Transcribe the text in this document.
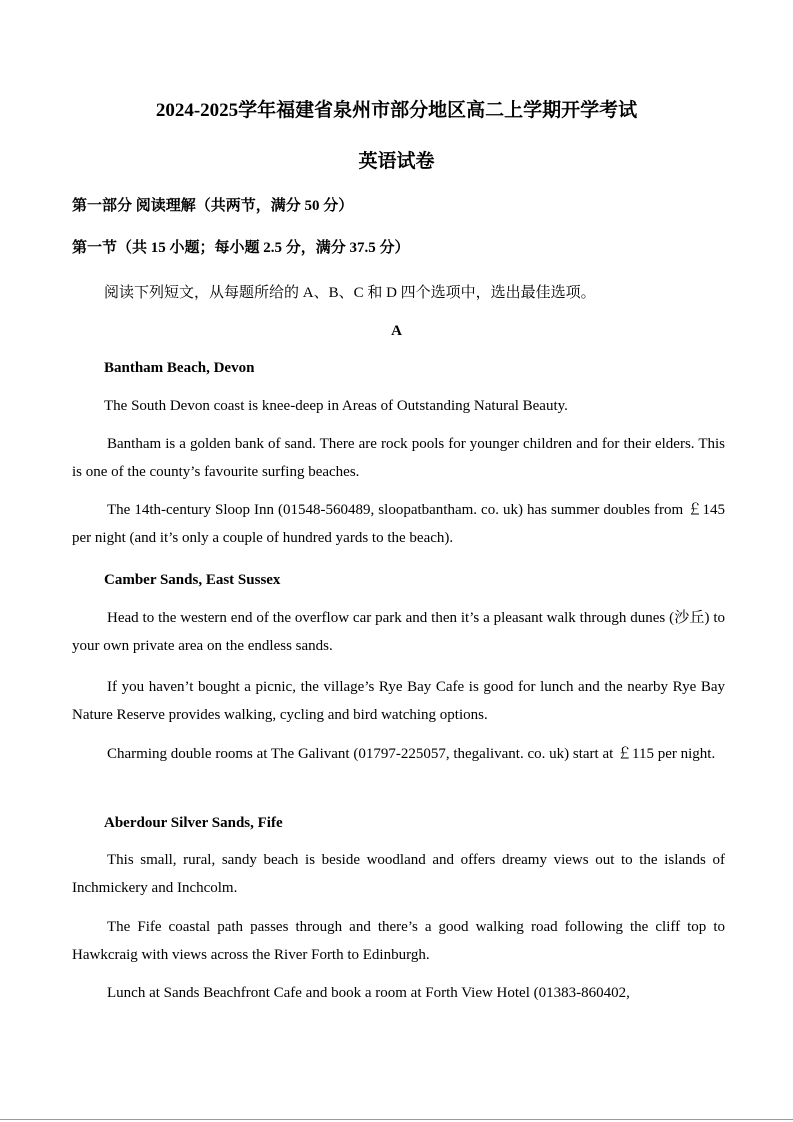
2024-2025学年福建省泉州市部分地区高二上学期开学考试
英语试卷
第一部分 阅读理解（共两节，满分 50 分）
第一节（共 15 小题；每小题 2.5 分，满分 37.5 分）
阅读下列短文，从每题所给的 A、B、C 和 D 四个选项中，选出最佳选项。
A
Bantham Beach, Devon
The South Devon coast is knee-deep in Areas of Outstanding Natural Beauty.

Bantham is a golden bank of sand. There are rock pools for younger children and for their elders. This is one of the county’s favourite surfing beaches.

The 14th-century Sloop Inn (01548-560489, sloopatbantham. co. uk) has summer doubles from ￡145 per night (and it’s only a couple of hundred yards to the beach).

Camber Sands, East Sussex

Head to the western end of the overflow car park and then it’s a pleasant walk through dunes (沙丘) to your own private area on the endless sands.

If you haven’t bought a picnic, the village’s Rye Bay Cafe is good for lunch and the nearby Rye Bay Nature Reserve provides walking, cycling and bird watching options.

Charming double rooms at The Galivant (01797-225057, thegalivant. co. uk) start at ￡115 per night.

Aberdour Silver Sands, Fife

This small, rural, sandy beach is beside woodland and offers dreamy views out to the islands of Inchmickery and Inchcolm.

The Fife coastal path passes through and there’s a good walking road following the cliff top to Hawkcraig with views across the River Forth to Edinburgh.

Lunch at Sands Beachfront Cafe and book a room at Forth View Hotel (01383-860402,
